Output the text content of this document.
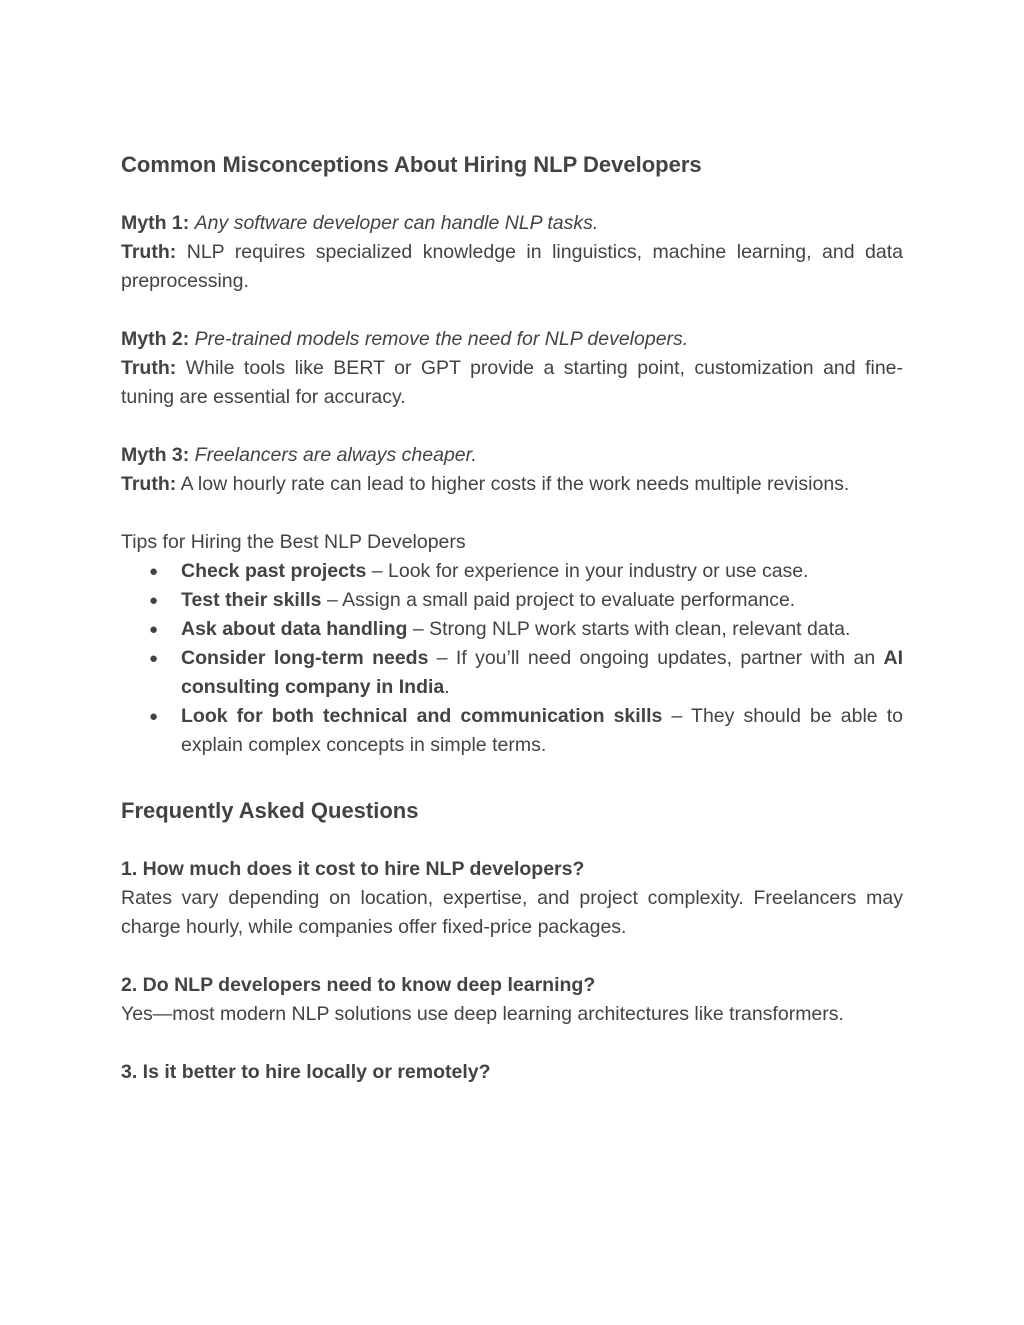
Common Misconceptions About Hiring NLP Developers

Myth 1: Any software developer can handle NLP tasks.

Truth: NLP requires specialized knowledge in linguistics, machine learning, and data preprocessing.

Myth 2: Pre-trained models remove the need for NLP developers.

Truth: While tools like BERT or GPT provide a starting point, customization and fine-tuning are essential for accuracy.

Myth 3: Freelancers are always cheaper.

Truth: A low hourly rate can lead to higher costs if the work needs multiple revisions.

Tips for Hiring the Best NLP Developers

● Check past projects – Look for experience in your industry or use case.
● Test their skills – Assign a small paid project to evaluate performance.
● Ask about data handling – Strong NLP work starts with clean, relevant data.
● Consider long-term needs – If you’ll need ongoing updates, partner with an AI consulting company in India.
● Look for both technical and communication skills – They should be able to explain complex concepts in simple terms.
Frequently Asked Questions

1. How much does it cost to hire NLP developers?

Rates vary depending on location, expertise, and project complexity. Freelancers may charge hourly, while companies offer fixed-price packages.

2. Do NLP developers need to know deep learning?

Yes—most modern NLP solutions use deep learning architectures like transformers.

3. Is it better to hire locally or remotely?
